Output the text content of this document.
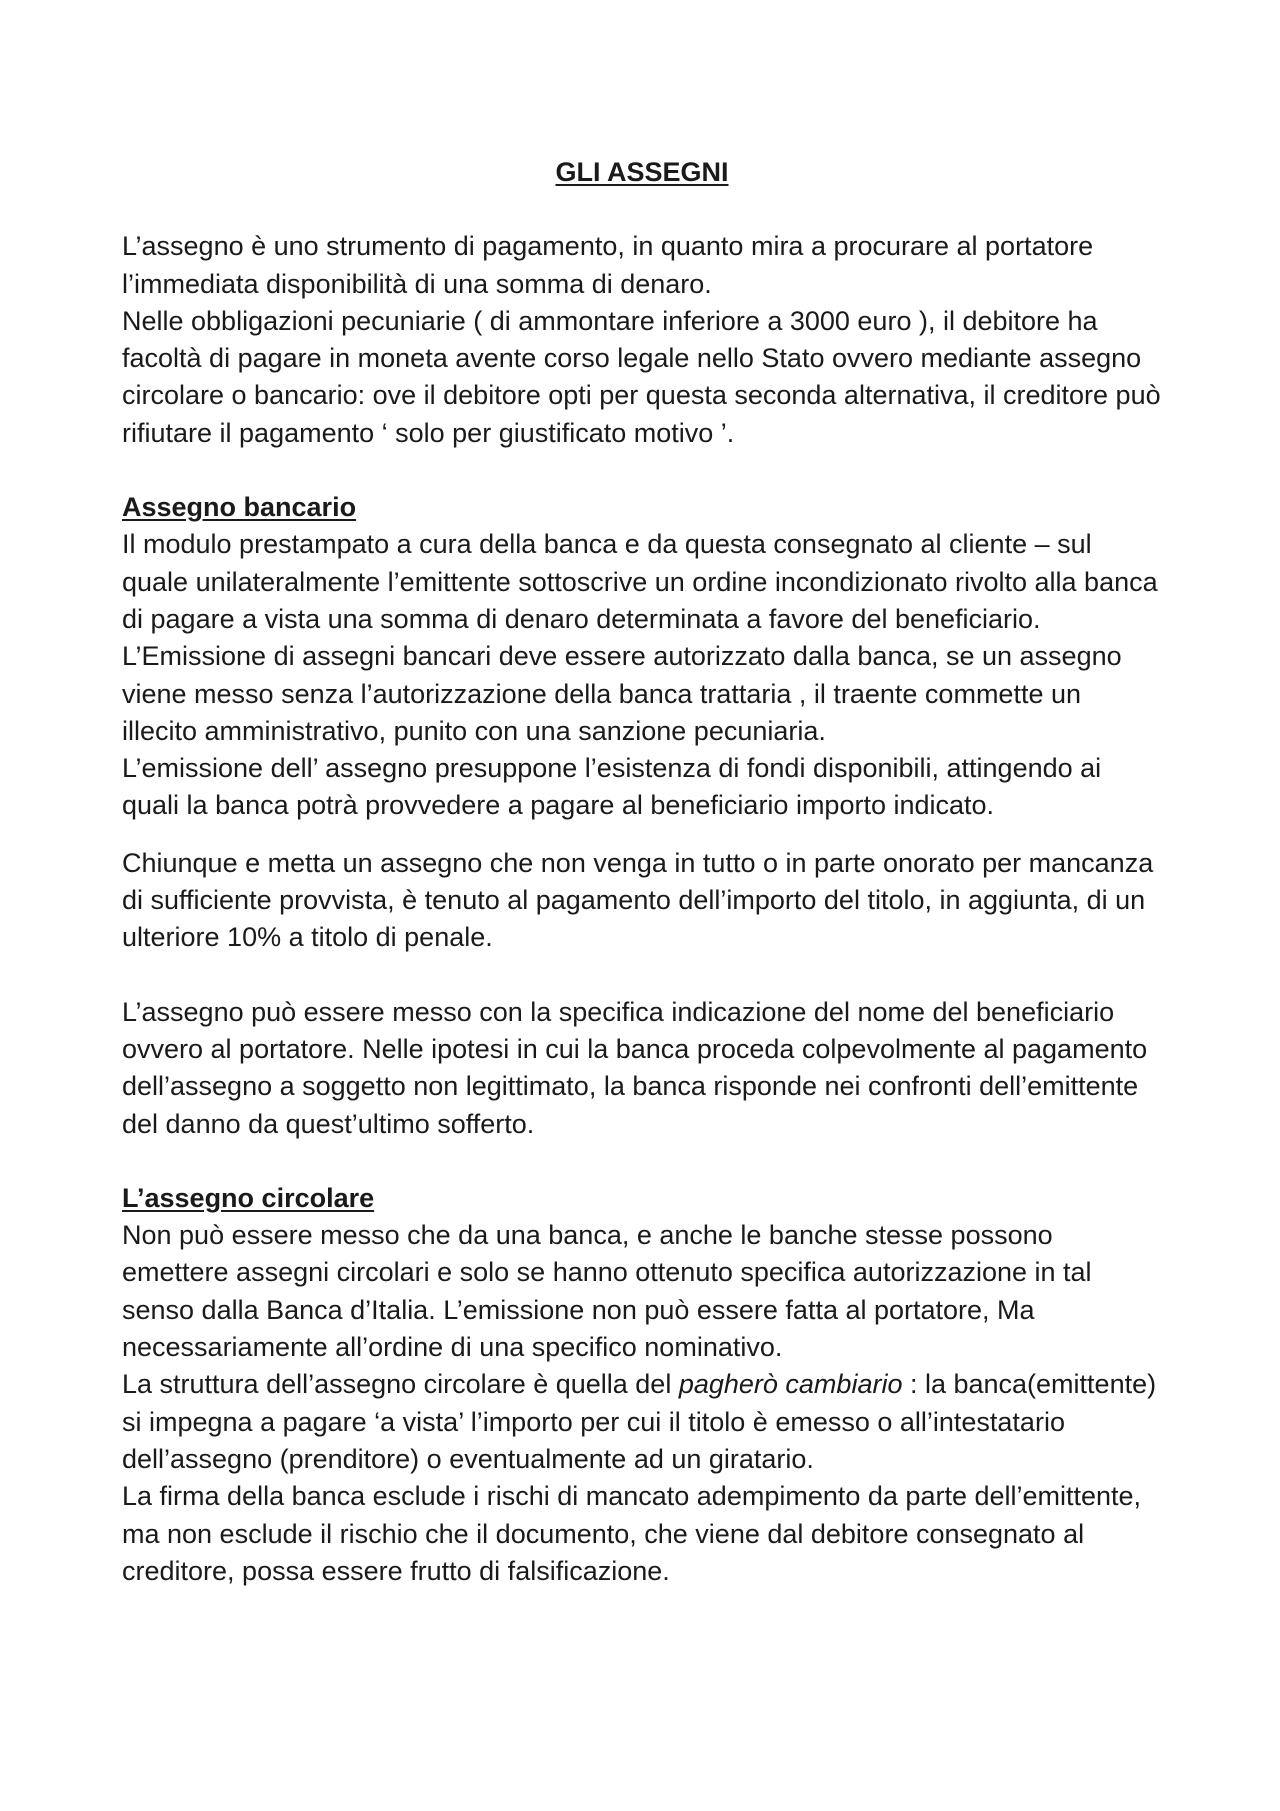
GLI ASSEGNI

L’assegno è uno strumento di pagamento, in quanto mira a procurare al portatore l’immediata disponibilità di una somma di denaro.

Nelle obbligazioni pecuniarie ( di ammontare inferiore a 3000 euro ), il debitore ha facoltà di pagare in moneta avente corso legale nello Stato ovvero mediante assegno circolare o bancario: ove il debitore opti per questa seconda alternativa, il creditore può rifiutare il pagamento ‘ solo per giustificato motivo ’.

Assegno bancario

Il modulo prestampato a cura della banca e da questa consegnato al cliente – sul quale unilateralmente l’emittente sottoscrive un ordine incondizionato rivolto alla banca di pagare a vista una somma di denaro determinata a favore del beneficiario.

L’Emissione di assegni bancari deve essere autorizzato dalla banca, se un assegno viene messo senza l’autorizzazione della banca trattaria , il traente commette un illecito amministrativo, punito con una sanzione pecuniaria.

L’emissione dell’ assegno presuppone l’esistenza di fondi disponibili, attingendo ai quali la banca potrà provvedere a pagare al beneficiario importo indicato.

Chiunque e metta un assegno che non venga in tutto o in parte onorato per mancanza di sufficiente provvista, è tenuto al pagamento dell’importo del titolo, in aggiunta, di un ulteriore 10% a titolo di penale.

L’assegno può essere messo con la specifica indicazione del nome del beneficiario ovvero al portatore. Nelle ipotesi in cui la banca proceda colpevolmente al pagamento dell’assegno a soggetto non legittimato, la banca risponde nei confronti dell’emittente del danno da quest’ultimo sofferto.

L’assegno circolare

Non può essere messo che da una banca, e anche le banche stesse possono emettere assegni circolari e solo se hanno ottenuto specifica autorizzazione in tal senso dalla Banca d’Italia. L’emissione non può essere fatta al portatore, Ma necessariamente all’ordine di una specifico nominativo.

La struttura dell’assegno circolare è quella del pagherò cambiario : la banca(emittente) si impegna a pagare ‘a vista’ l’importo per cui il titolo è emesso o all’intestatario dell’assegno (prenditore) o eventualmente ad un giratario.

La firma della banca esclude i rischi di mancato adempimento da parte dell’emittente, ma non esclude il rischio che il documento, che viene dal debitore consegnato al creditore, possa essere frutto di falsificazione.
